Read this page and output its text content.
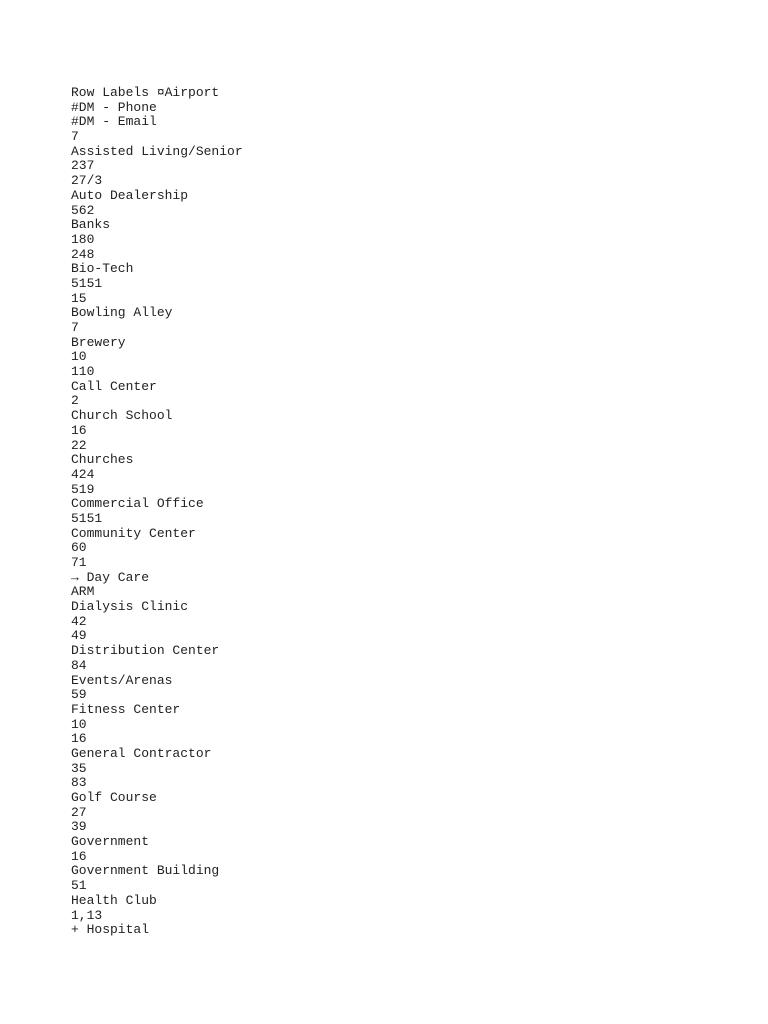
Row Labels ¤Airport
#DM - Phone
#DM - Email
7
Assisted Living/Senior
237
27/3
Auto Dealership
562
Banks
180
248
Bio-Tech
5151
15
Bowling Alley
7
Brewery
10
110
Call Center
2
Church School
16
22
Churches
424
519
Commercial Office
5151
Community Center
60
71
→ Day Care
ARM
Dialysis Clinic
42
49
Distribution Center
84
Events/Arenas
59
Fitness Center
10
16
General Contractor
35
83
Golf Course
27
39
Government
16
Government Building
51
Health Club
1,13
+ Hospital
